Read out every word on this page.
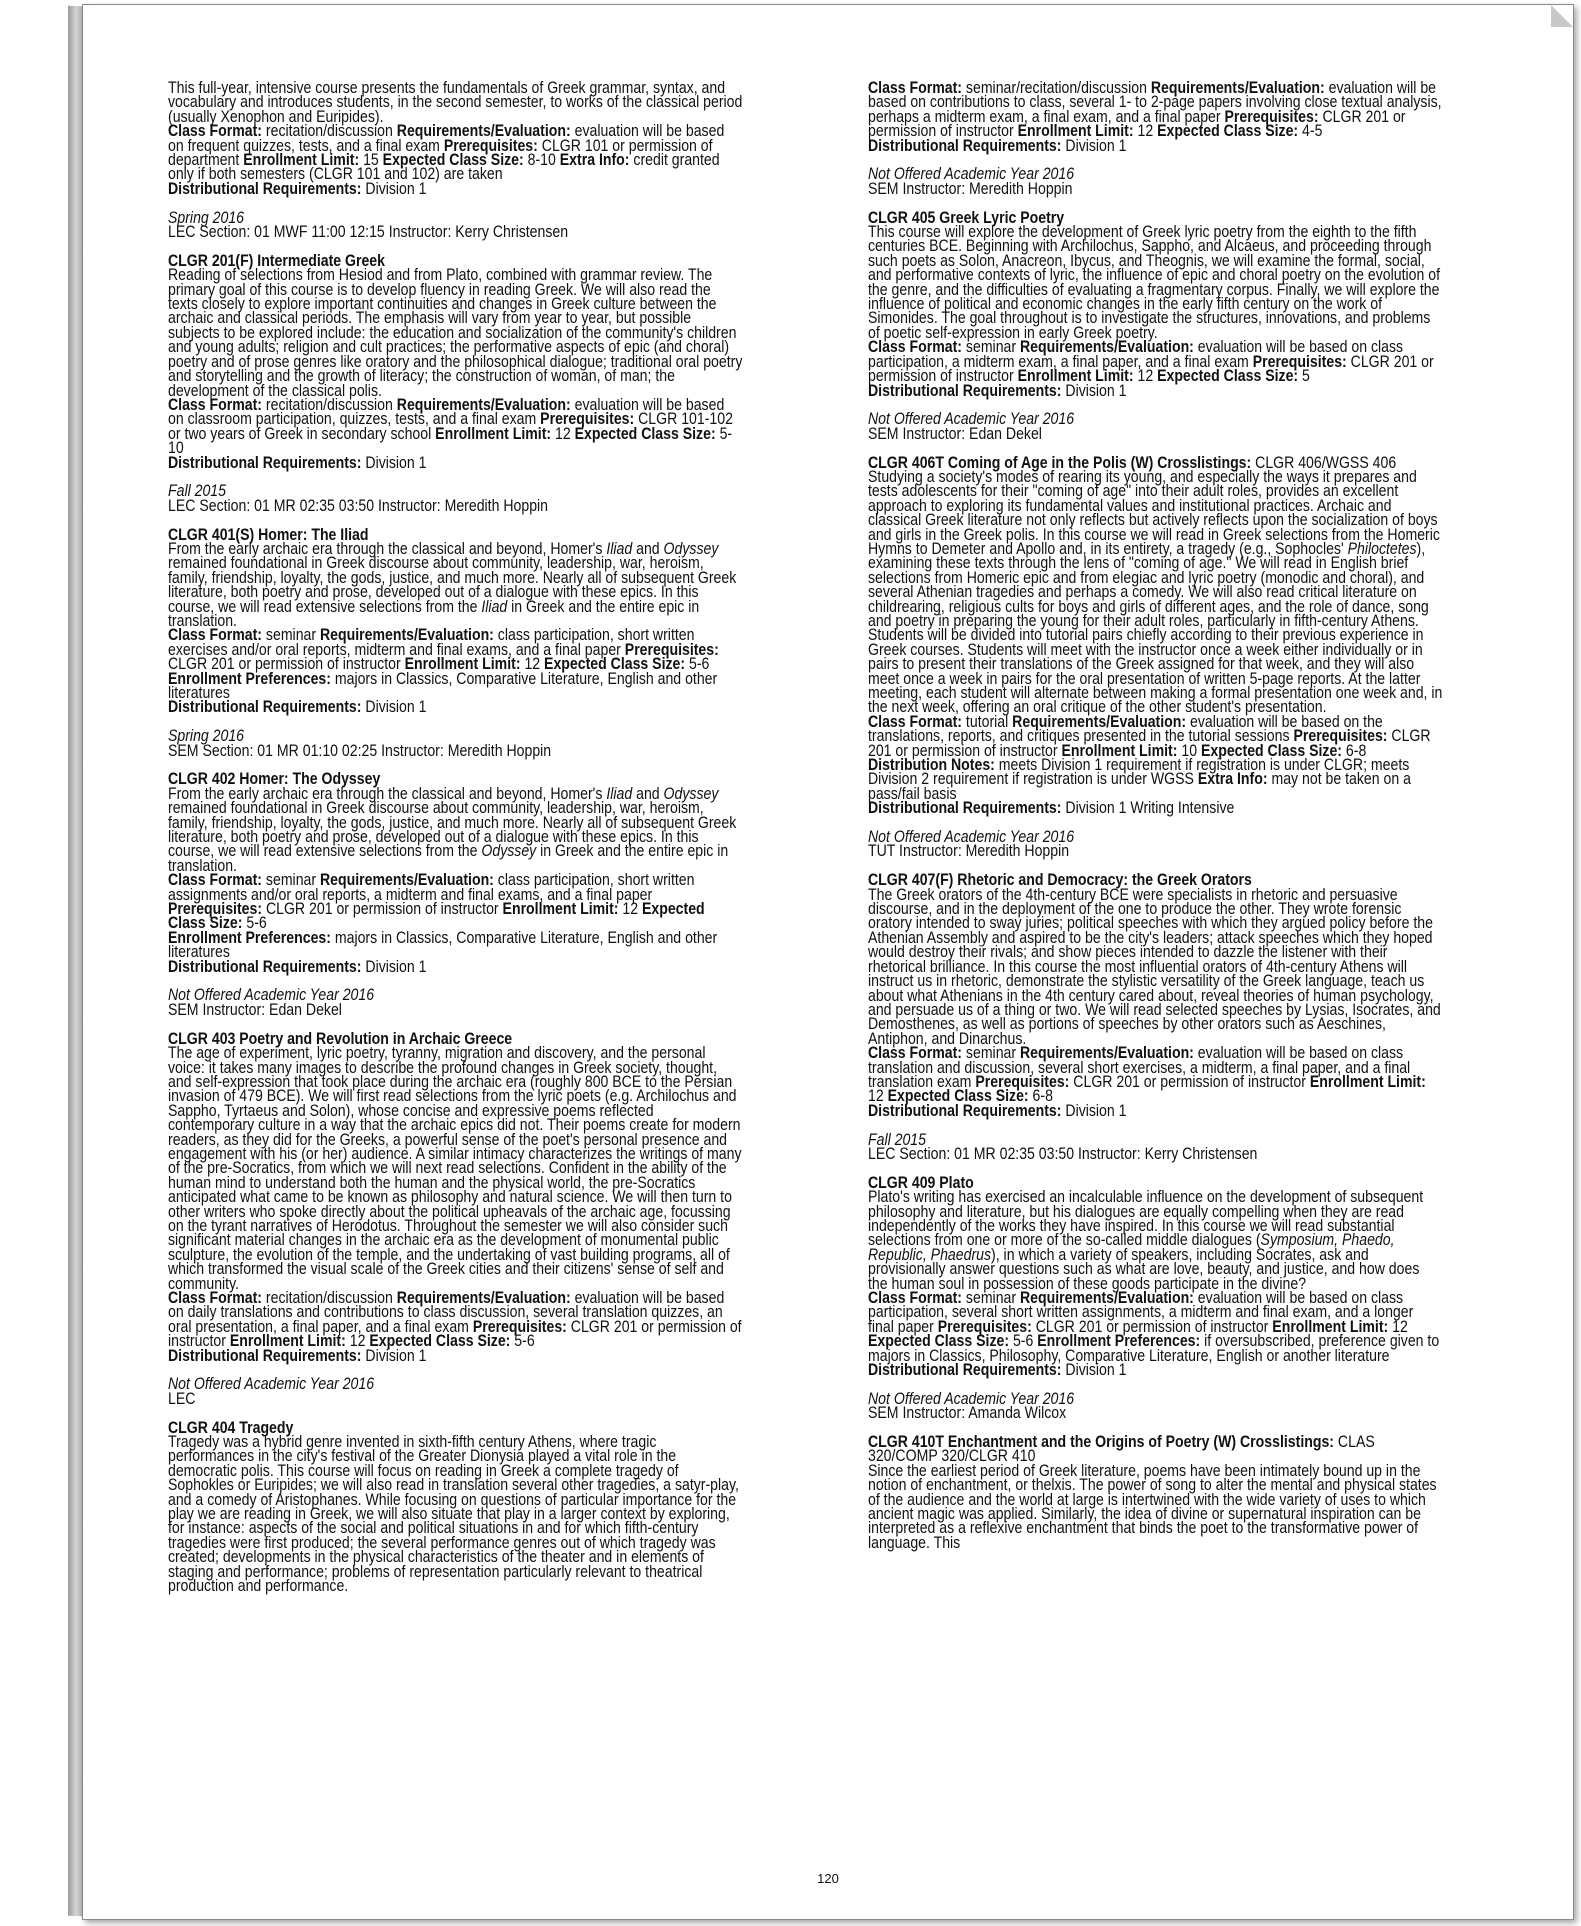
This full-year, intensive course presents the fundamentals of Greek grammar, syntax, and vocabulary and introduces students, in the second semester, to works of the classical period (usually Xenophon and Euripides).
Class Format: recitation/discussion Requirements/Evaluation: evaluation will be based on frequent quizzes, tests, and a final exam Prerequisites: CLGR 101 or permission of department Enrollment Limit: 15 Expected Class Size: 8-10 Extra Info: credit granted only if both semesters (CLGR 101 and 102) are taken
Distributional Requirements: Division 1

Spring 2016

LEC Section: 01 MWF 11:00 12:15 Instructor: Kerry Christensen

CLGR 201(F) Intermediate Greek

Reading of selections from Hesiod and from Plato, combined with grammar review. The primary goal of this course is to develop fluency in reading Greek. We will also read the texts closely to explore important continuities and changes in Greek culture between the archaic and classical periods. The emphasis will vary from year to year, but possible subjects to be explored include: the education and socialization of the community's children and young adults; religion and cult practices; the performative aspects of epic (and choral) poetry and of prose genres like oratory and the philosophical dialogue; traditional oral poetry and storytelling and the growth of literacy; the construction of woman, of man; the development of the classical polis.
Class Format: recitation/discussion Requirements/Evaluation: evaluation will be based on classroom participation, quizzes, tests, and a final exam Prerequisites: CLGR 101-102 or two years of Greek in secondary school Enrollment Limit: 12 Expected Class Size: 5-10
Distributional Requirements: Division 1

Fall 2015

LEC Section: 01 MR 02:35 03:50 Instructor: Meredith Hoppin

CLGR 401(S) Homer: The Iliad

From the early archaic era through the classical and beyond, Homer's Iliad and Odyssey remained foundational in Greek discourse about community, leadership, war, heroism, family, friendship, loyalty, the gods, justice, and much more. Nearly all of subsequent Greek literature, both poetry and prose, developed out of a dialogue with these epics. In this course, we will read extensive selections from the Iliad in Greek and the entire epic in translation.
Class Format: seminar Requirements/Evaluation: class participation, short written exercises and/or oral reports, midterm and final exams, and a final paper Prerequisites: CLGR 201 or permission of instructor Enrollment Limit: 12 Expected Class Size: 5-6
Enrollment Preferences: majors in Classics, Comparative Literature, English and other literatures
Distributional Requirements: Division 1

Spring 2016

SEM Section: 01 MR 01:10 02:25 Instructor: Meredith Hoppin

CLGR 402 Homer: The Odyssey

From the early archaic era through the classical and beyond, Homer's Iliad and Odyssey remained foundational in Greek discourse about community, leadership, war, heroism, family, friendship, loyalty, the gods, justice, and much more. Nearly all of subsequent Greek literature, both poetry and prose, developed out of a dialogue with these epics. In this course, we will read extensive selections from the Odyssey in Greek and the entire epic in translation.
Class Format: seminar Requirements/Evaluation: class participation, short written assignments and/or oral reports, a midterm and final exams, and a final paper Prerequisites: CLGR 201 or permission of instructor Enrollment Limit: 12 Expected Class Size: 5-6
Enrollment Preferences: majors in Classics, Comparative Literature, English and other literatures
Distributional Requirements: Division 1

Not Offered Academic Year 2016

SEM Instructor: Edan Dekel

CLGR 403 Poetry and Revolution in Archaic Greece

The age of experiment, lyric poetry, tyranny, migration and discovery, and the personal voice: it takes many images to describe the profound changes in Greek society, thought, and self-expression that took place during the archaic era (roughly 800 BCE to the Persian invasion of 479 BCE). We will first read selections from the lyric poets (e.g. Archilochus and Sappho, Tyrtaeus and Solon), whose concise and expressive poems reflected contemporary culture in a way that the archaic epics did not. Their poems create for modern readers, as they did for the Greeks, a powerful sense of the poet's personal presence and engagement with his (or her) audience. A similar intimacy characterizes the writings of many of the pre-Socratics, from which we will next read selections. Confident in the ability of the human mind to understand both the human and the physical world, the pre-Socratics anticipated what came to be known as philosophy and natural science. We will then turn to other writers who spoke directly about the political upheavals of the archaic age, focussing on the tyrant narratives of Herodotus. Throughout the semester we will also consider such significant material changes in the archaic era as the development of monumental public sculpture, the evolution of the temple, and the undertaking of vast building programs, all of which transformed the visual scale of the Greek cities and their citizens' sense of self and community.
Class Format: recitation/discussion Requirements/Evaluation: evaluation will be based on daily translations and contributions to class discussion, several translation quizzes, an oral presentation, a final paper, and a final exam Prerequisites: CLGR 201 or permission of instructor Enrollment Limit: 12 Expected Class Size: 5-6
Distributional Requirements: Division 1

Not Offered Academic Year 2016

LEC

CLGR 404 Tragedy

Tragedy was a hybrid genre invented in sixth-fifth century Athens, where tragic performances in the city's festival of the Greater Dionysia played a vital role in the democratic polis. This course will focus on reading in Greek a complete tragedy of Sophokles or Euripides; we will also read in translation several other tragedies, a satyr-play, and a comedy of Aristophanes. While focusing on questions of particular importance for the play we are reading in Greek, we will also situate that play in a larger context by exploring, for instance: aspects of the social and political situations in and for which fifth-century tragedies were first produced; the several performance genres out of which tragedy was created; developments in the physical characteristics of the theater and in elements of staging and performance; problems of representation particularly relevant to theatrical production and performance.

Class Format: seminar/recitation/discussion Requirements/Evaluation: evaluation will be based on contributions to class, several 1- to 2-page papers involving close textual analysis, perhaps a midterm exam, a final exam, and a final paper Prerequisites: CLGR 201 or permission of instructor Enrollment Limit: 12 Expected Class Size: 4-5
Distributional Requirements: Division 1

Not Offered Academic Year 2016

SEM Instructor: Meredith Hoppin

CLGR 405 Greek Lyric Poetry

This course will explore the development of Greek lyric poetry from the eighth to the fifth centuries BCE. Beginning with Archilochus, Sappho, and Alcaeus, and proceeding through such poets as Solon, Anacreon, Ibycus, and Theognis, we will examine the formal, social, and performative contexts of lyric, the influence of epic and choral poetry on the evolution of the genre, and the difficulties of evaluating a fragmentary corpus. Finally, we will explore the influence of political and economic changes in the early fifth century on the work of Simonides. The goal throughout is to investigate the structures, innovations, and problems of poetic self-expression in early Greek poetry.
Class Format: seminar Requirements/Evaluation: evaluation will be based on class participation, a midterm exam, a final paper, and a final exam Prerequisites: CLGR 201 or permission of instructor Enrollment Limit: 12 Expected Class Size: 5
Distributional Requirements: Division 1

Not Offered Academic Year 2016

SEM Instructor: Edan Dekel

CLGR 406T Coming of Age in the Polis (W) Crosslistings: CLGR 406/WGSS 406

Studying a society's modes of rearing its young, and especially the ways it prepares and tests adolescents for their "coming of age" into their adult roles, provides an excellent approach to exploring its fundamental values and institutional practices. Archaic and classical Greek literature not only reflects but actively reflects upon the socialization of boys and girls in the Greek polis. In this course we will read in Greek selections from the Homeric Hymns to Demeter and Apollo and, in its entirety, a tragedy (e.g., Sophocles' Philoctetes), examining these texts through the lens of "coming of age." We will read in English brief selections from Homeric epic and from elegiac and lyric poetry (monodic and choral), and several Athenian tragedies and perhaps a comedy. We will also read critical literature on childrearing, religious cults for boys and girls of different ages, and the role of dance, song and poetry in preparing the young for their adult roles, particularly in fifth-century Athens.
Students will be divided into tutorial pairs chiefly according to their previous experience in Greek courses. Students will meet with the instructor once a week either individually or in pairs to present their translations of the Greek assigned for that week, and they will also meet once a week in pairs for the oral presentation of written 5-page reports. At the latter meeting, each student will alternate between making a formal presentation one week and, in the next week, offering an oral critique of the other student's presentation.
Class Format: tutorial Requirements/Evaluation: evaluation will be based on the translations, reports, and critiques presented in the tutorial sessions Prerequisites: CLGR 201 or permission of instructor Enrollment Limit: 10 Expected Class Size: 6-8 Distribution Notes: meets Division 1 requirement if registration is under CLGR; meets Division 2 requirement if registration is under WGSS Extra Info: may not be taken on a pass/fail basis
Distributional Requirements: Division 1 Writing Intensive

Not Offered Academic Year 2016

TUT Instructor: Meredith Hoppin

CLGR 407(F) Rhetoric and Democracy: the Greek Orators

The Greek orators of the 4th-century BCE were specialists in rhetoric and persuasive discourse, and in the deployment of the one to produce the other. They wrote forensic oratory intended to sway juries; political speeches with which they argued policy before the Athenian Assembly and aspired to be the city's leaders; attack speeches which they hoped would destroy their rivals; and show pieces intended to dazzle the listener with their rhetorical brilliance. In this course the most influential orators of 4th-century Athens will instruct us in rhetoric, demonstrate the stylistic versatility of the Greek language, teach us about what Athenians in the 4th century cared about, reveal theories of human psychology, and persuade us of a thing or two. We will read selected speeches by Lysias, Isocrates, and Demosthenes, as well as portions of speeches by other orators such as Aeschines, Antiphon, and Dinarchus.
Class Format: seminar Requirements/Evaluation: evaluation will be based on class translation and discussion, several short exercises, a midterm, a final paper, and a final translation exam Prerequisites: CLGR 201 or permission of instructor Enrollment Limit: 12 Expected Class Size: 6-8
Distributional Requirements: Division 1

Fall 2015

LEC Section: 01 MR 02:35 03:50 Instructor: Kerry Christensen

CLGR 409 Plato

Plato's writing has exercised an incalculable influence on the development of subsequent philosophy and literature, but his dialogues are equally compelling when they are read independently of the works they have inspired. In this course we will read substantial selections from one or more of the so-called middle dialogues (Symposium, Phaedo, Republic, Phaedrus), in which a variety of speakers, including Socrates, ask and provisionally answer questions such as what are love, beauty, and justice, and how does the human soul in possession of these goods participate in the divine?
Class Format: seminar Requirements/Evaluation: evaluation will be based on class participation, several short written assignments, a midterm and final exam, and a longer final paper Prerequisites: CLGR 201 or permission of instructor Enrollment Limit: 12 Expected Class Size: 5-6 Enrollment Preferences: if oversubscribed, preference given to majors in Classics, Philosophy, Comparative Literature, English or another literature
Distributional Requirements: Division 1

Not Offered Academic Year 2016

SEM Instructor: Amanda Wilcox

CLGR 410T Enchantment and the Origins of Poetry (W) Crosslistings: CLAS 320/COMP 320/CLGR 410

Since the earliest period of Greek literature, poems have been intimately bound up in the notion of enchantment, or thelxis. The power of song to alter the mental and physical states of the audience and the world at large is intertwined with the wide variety of uses to which ancient magic was applied. Similarly, the idea of divine or supernatural inspiration can be interpreted as a reflexive enchantment that binds the poet to the transformative power of language. This

120
